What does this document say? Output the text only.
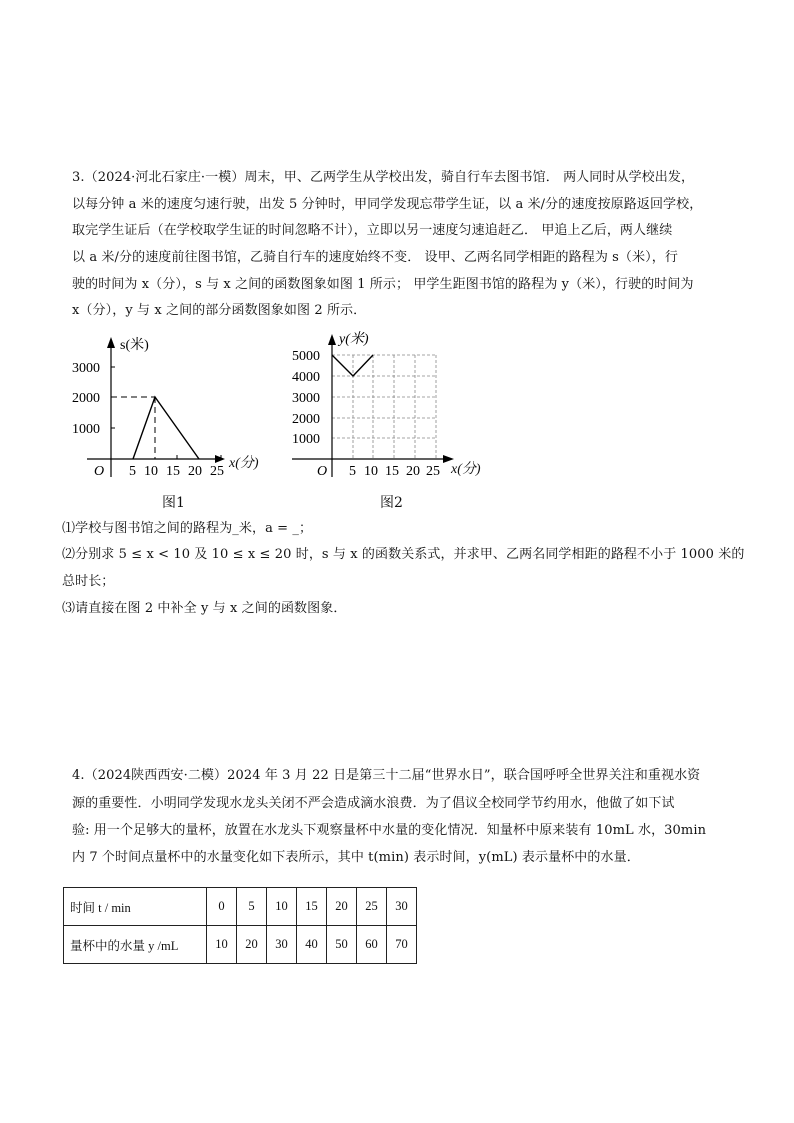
3.（2024·河北石家庄·一模）周末，甲、乙两学生从学校出发，骑自行车去图书馆． 两人同时从学校出发，
以每分钟 a 米的速度匀速行驶，出发 5 分钟时，甲同学发现忘带学生证，以 a 米/分的速度按原路返回学校，
取完学生证后（在学校取学生证的时间忽略不计），立即以另一速度匀速追赶乙． 甲追上乙后，两人继续
以 a 米/分的速度前往图书馆，乙骑自行车的速度始终不变． 设甲、乙两名同学相距的路程为 s（米），行
驶的时间为 x（分），s 与 x 之间的函数图象如图 1 所示； 甲学生距图书馆的路程为 y（米），行驶的时间为
x（分），y 与 x 之间的部分函数图象如图 2 所示．
s(米)
3000
2000
1000
O 5 10 15 20 25
x(分)
图1
y(米)
5000
4000
3000
2000
1000
O 5 10 15 20 25 x(分)
图2
⑴学校与图书馆之间的路程为_米，a = _；
⑵分别求 5 ≤ x < 10 及 10 ≤ x ≤ 20 时，s 与 x 的函数关系式，并求甲、乙两名同学相距的路程不小于 1000 米的
总时长；
⑶请直接在图 2 中补全 y 与 x 之间的函数图象．
4.（2024陕西西安·二模）2024 年 3 月 22 日是第三十二届“世界水日”，联合国呼呼全世界关注和重视水资
源的重要性．小明同学发现水龙头关闭不严会造成滴水浪费．为了倡议全校同学节约用水，他做了如下试
验: 用一个足够大的量杯，放置在水龙头下观察量杯中水量的变化情况．知量杯中原来装有 10mL 水，30min
内 7 个时间点量杯中的水量变化如下表所示，其中 t(min) 表示时间，y(mL) 表示量杯中的水量．
时间 t / min	0	5	10	15	20	25	30
量杯中的水量 y /mL	10	20	30	40	50	60	70
